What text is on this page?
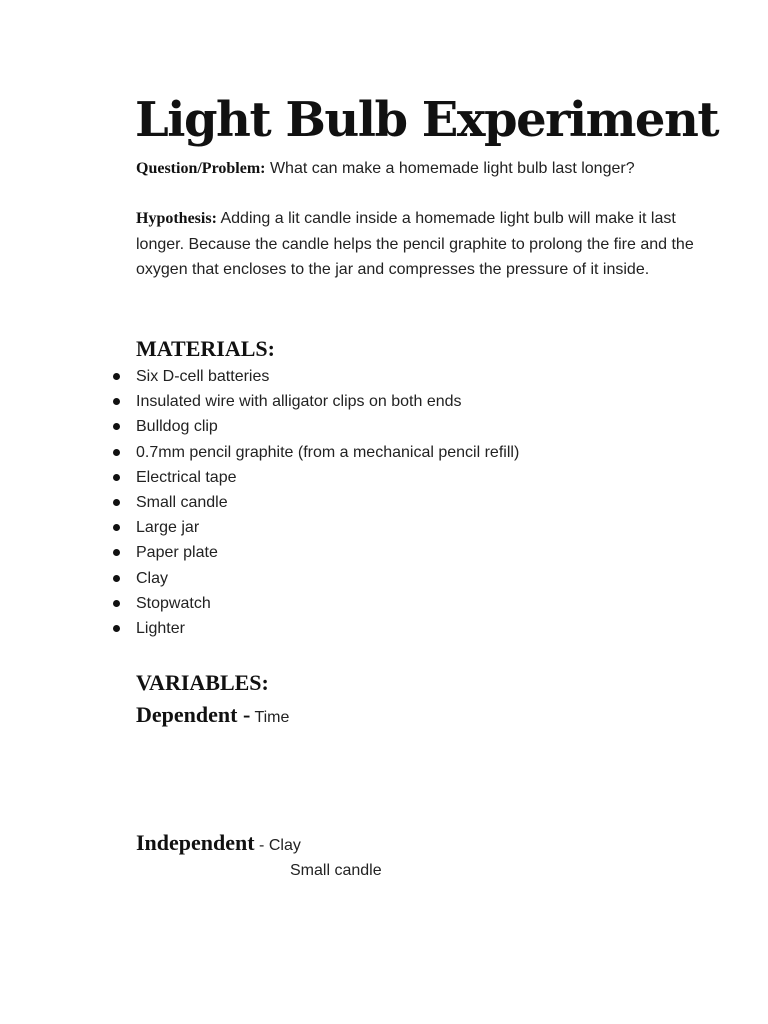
Light Bulb Experiment
Question/Problem: What can make a homemade light bulb last longer?
Hypothesis: Adding a lit candle inside a homemade light bulb will make it last longer. Because the candle helps the pencil graphite to prolong the fire and the oxygen that encloses to the jar and compresses the pressure of it inside.
MATERIALS:
Six D-cell batteries
Insulated wire with alligator clips on both ends
Bulldog clip
0.7mm pencil graphite (from a mechanical pencil refill)
Electrical tape
Small candle
Large jar
Paper plate
Clay
Stopwatch
Lighter
VARIABLES:
Dependent - Time
Independent - Clay
Small candle
